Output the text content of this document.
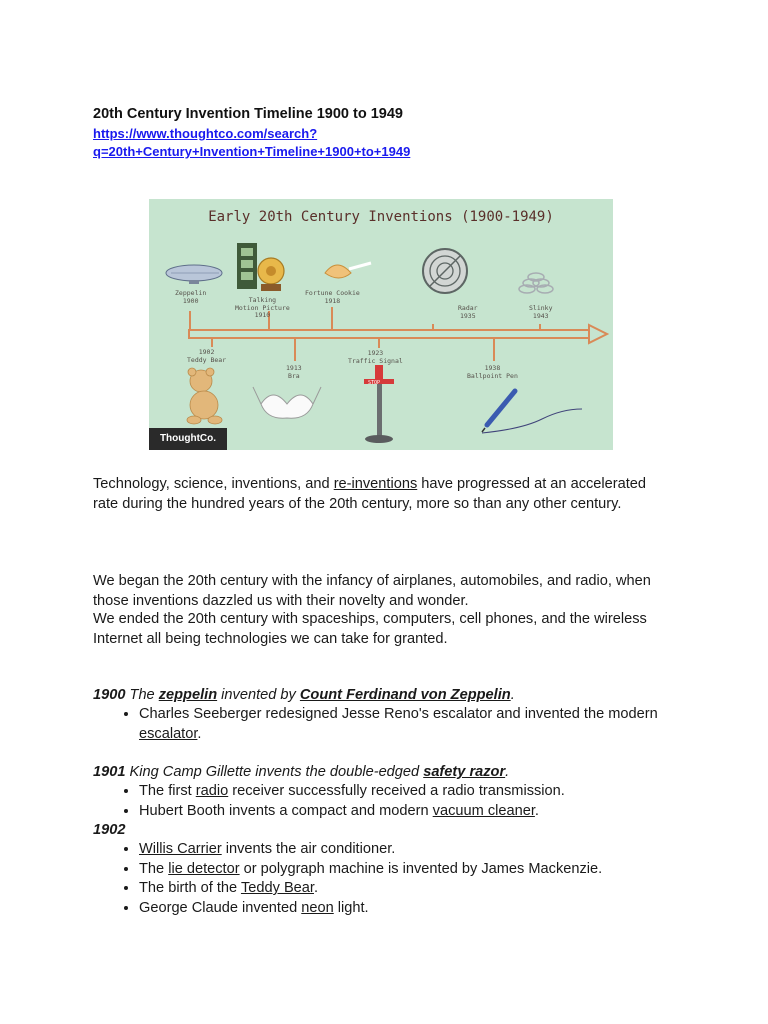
20th Century Invention Timeline 1900 to 1949
https://www.thoughtco.com/search?
q=20th+Century+Invention+Timeline+1900+to+1949
Early 20th Century Inventions (1900-1949)
Zeppelin
1900	Talking
Motion Picture
1910
Fortune Cookie
1918
Radar
1935
Slinky
1943
1902
Teddy Bear
1913
Bra
1923
Traffic Signal
1938
Ballpoint Pen
STOP
ThoughtCo.

Technology, science, inventions, and re-inventions have progressed at an accelerated rate during the hundred years of the 20th century, more so than any other century.

We began the 20th century with the infancy of airplanes, automobiles, and radio, when those inventions dazzled us with their novelty and wonder.

We ended the 20th century with spaceships, computers, cell phones, and the wireless Internet all being technologies we can take for granted.

1900 The zeppelin invented by Count Ferdinand von Zeppelin.
• Charles Seeberger redesigned Jesse Reno's escalator and invented the modern escalator.
1901 King Camp Gillette invents the double-edged safety razor.
• The first radio receiver successfully received a radio transmission.
• Hubert Booth invents a compact and modern vacuum cleaner.
1902
• Willis Carrier invents the air conditioner.
• The lie detector or polygraph machine is invented by James Mackenzie.
• The birth of the Teddy Bear.
• George Claude invented neon light.
